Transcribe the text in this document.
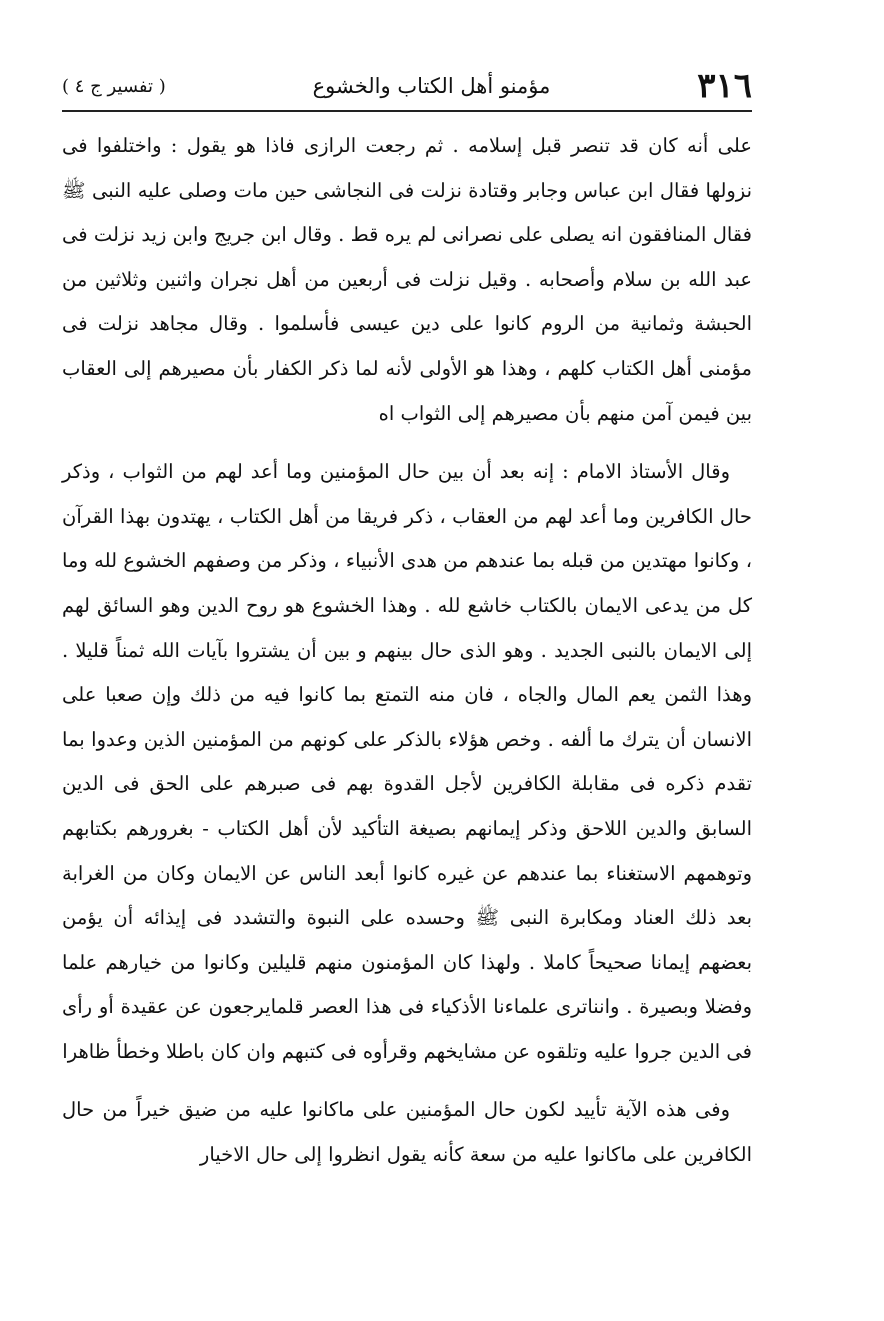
٣١٦
مؤمنو أهل الكتاب والخشوع
( تفسير ج ٤ )

على أنه كان قد تنصر قبل إسلامه . ثم رجعت الرازى فاذا هو يقول : واختلفوا فى نزولها فقال ابن عباس وجابر وقتادة نزلت فى النجاشى حين مات وصلى عليه النبى ﷺ فقال المنافقون انه يصلى على نصرانى لم يره قط . وقال ابن جريج وابن زيد نزلت فى عبد الله بن سلام وأصحابه . وقيل نزلت فى أربعين من أهل نجران واثنين وثلاثين من الحبشة وثمانية من الروم كانوا على دين عيسى فأسلموا . وقال مجاهد نزلت فى مؤمنى أهل الكتاب كلهم ، وهذا هو الأولى لأنه لما ذكر الكفار بأن مصيرهم إلى العقاب بين فيمن آمن منهم بأن مصيرهم إلى الثواب اه

وقال الأستاذ الامام : إنه بعد أن بين حال المؤمنين وما أعد لهم من الثواب ، وذكر حال الكافرين وما أعد لهم من العقاب ، ذكر فريقا من أهل الكتاب ، يهتدون بهذا القرآن ، وكانوا مهتدين من قبله بما عندهم من هدى الأنبياء ، وذكر من وصفهم الخشوع لله وما كل من يدعى الايمان بالكتاب خاشع لله . وهذا الخشوع هو روح الدين وهو السائق لهم إلى الايمان بالنبى الجديد . وهو الذى حال بينهم و بين أن يشتروا بآيات الله ثمناً قليلا . وهذا الثمن يعم المال والجاه ، فان منه التمتع بما كانوا فيه من ذلك وإن صعبا على الانسان أن يترك ما ألفه . وخص هؤلاء بالذكر على كونهم من المؤمنين الذين وعدوا بما تقدم ذكره فى مقابلة الكافرين لأجل القدوة بهم فى صبرهم على الحق فى الدين السابق والدين اللاحق وذكر إيمانهم بصيغة التأكيد لأن أهل الكتاب - بغرورهم بكتابهم وتوهمهم الاستغناء بما عندهم عن غيره كانوا أبعد الناس عن الايمان وكان من الغرابة بعد ذلك العناد ومكابرة النبى ﷺ وحسده على النبوة والتشدد فى إيذائه أن يؤمن بعضهم إيمانا صحيحاً كاملا . ولهذا كان المؤمنون منهم قليلين وكانوا من خيارهم علما وفضلا وبصيرة . وانناترى علماءنا الأذكياء فى هذا العصر قلمايرجعون عن عقيدة أو رأى فى الدين جروا عليه وتلقوه عن مشايخهم وقرأوه فى كتبهم وان كان باطلا وخطأ ظاهرا

وفى هذه الآية تأييد لكون حال المؤمنين على ماكانوا عليه من ضيق خيراً من حال الكافرين على ماكانوا عليه من سعة كأنه يقول انظروا إلى حال الاخيار
